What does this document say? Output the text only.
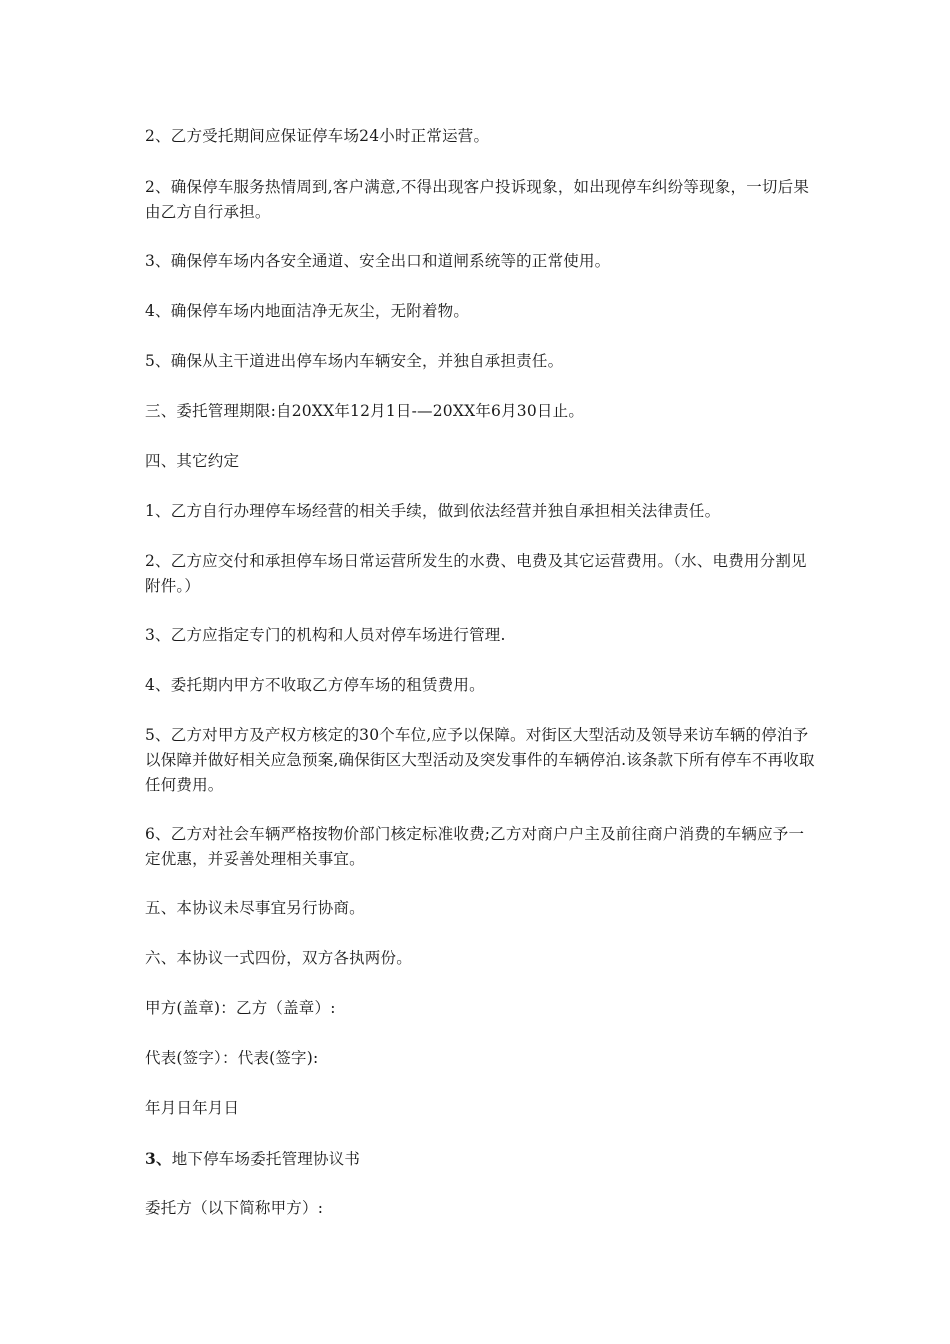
2、乙方受托期间应保证停车场24小时正常运营。

2、确保停车服务热情周到,客户满意,不得出现客户投诉现象，如出现停车纠纷等现象，一切后果由乙方自行承担。

3、确保停车场内各安全通道、安全出口和道闸系统等的正常使用。

4、确保停车场内地面洁净无灰尘，无附着物。

5、确保从主干道进出停车场内车辆安全，并独自承担责任。

三、委托管理期限:自20XX年12月1日-—20XX年6月30日止。

四、其它约定

1、乙方自行办理停车场经营的相关手续，做到依法经营并独自承担相关法律责任。

2、乙方应交付和承担停车场日常运营所发生的水费、电费及其它运营费用。（水、电费用分割见附件。）

3、乙方应指定专门的机构和人员对停车场进行管理.

4、委托期内甲方不收取乙方停车场的租赁费用。

5、乙方对甲方及产权方核定的30个车位,应予以保障。对街区大型活动及领导来访车辆的停泊予以保障并做好相关应急预案,确保街区大型活动及突发事件的车辆停泊.该条款下所有停车不再收取任何费用。

6、乙方对社会车辆严格按物价部门核定标准收费;乙方对商户户主及前往商户消费的车辆应予一定优惠，并妥善处理相关事宜。

五、本协议未尽事宜另行协商。

六、本协议一式四份，双方各执两份。

甲方(盖章)：乙方（盖章）:

代表(签字）：代表(签字):

年月日年月日

3、地下停车场委托管理协议书

委托方（以下简称甲方）:
